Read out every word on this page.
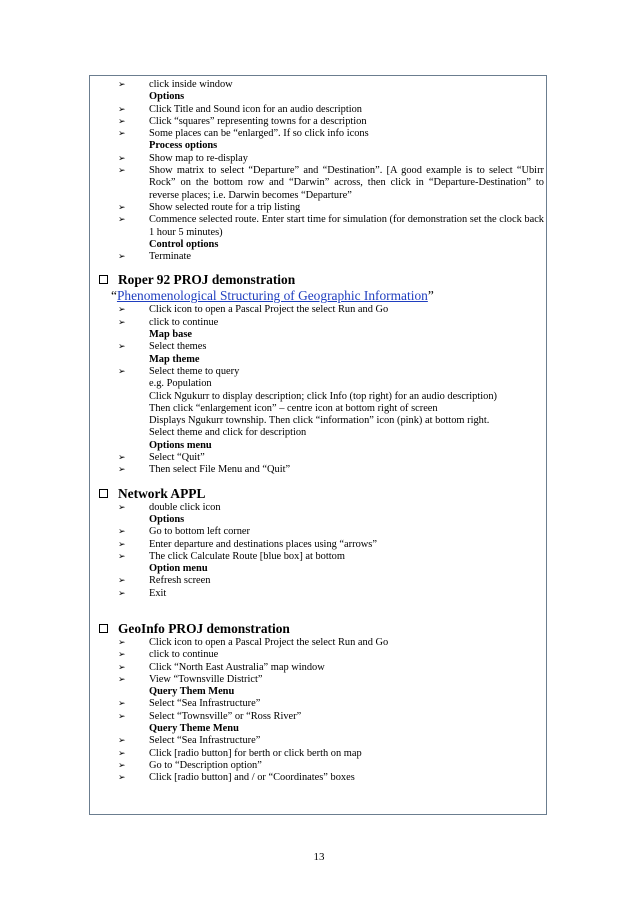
➢ click inside window
Options
➢ Click Title and Sound icon for an audio description
➢ Click “squares” representing towns for a description
➢ Some places can be “enlarged”. If so click info icons
Process options
➢ Show map to re-display
➢ Show matrix to select “Departure” and “Destination”. [A good example is to select “Ubirr Rock” on the bottom row and “Darwin” across, then click in “Departure-Destination” to reverse places; i.e. Darwin becomes “Departure”
➢ Show selected route for a trip listing
➢ Commence selected route. Enter start time for simulation (for demonstration set the clock back 1 hour 5 minutes)
Control options
➢ Terminate
Roper 92 PROJ demonstration
“Phenomenological Structuring of Geographic Information”
➢ Click icon to open a Pascal Project the select Run and Go
➢ click to continue
Map base
➢ Select themes
Map theme
➢ Select theme to query
e.g. Population
Click Ngukurr to display description; click Info (top right) for an audio description)
Then click “enlargement icon” – centre icon at bottom right of screen
Displays Ngukurr township. Then click “information” icon (pink) at bottom right.
Select theme and click for description
Options menu
➢ Select “Quit”
➢ Then select File Menu and “Quit”
Network APPL
➢ double click icon
Options
➢ Go to bottom left corner
➢ Enter departure and destinations places using “arrows”
➢ The click Calculate Route [blue box] at bottom
Option menu
➢ Refresh screen
➢ Exit
GeoInfo PROJ demonstration
➢ Click icon to open a Pascal Project the select Run and Go
➢ click to continue
➢ Click “North East Australia” map window
➢ View “Townsville District”
Query Them Menu
➢ Select “Sea Infrastructure”
➢ Select “Townsville” or “Ross River”
Query Theme Menu
➢ Select “Sea Infrastructure”
➢ Click [radio button] for berth or click berth on map
➢ Go to “Description option”
➢ Click [radio button] and / or “Coordinates” boxes
13
